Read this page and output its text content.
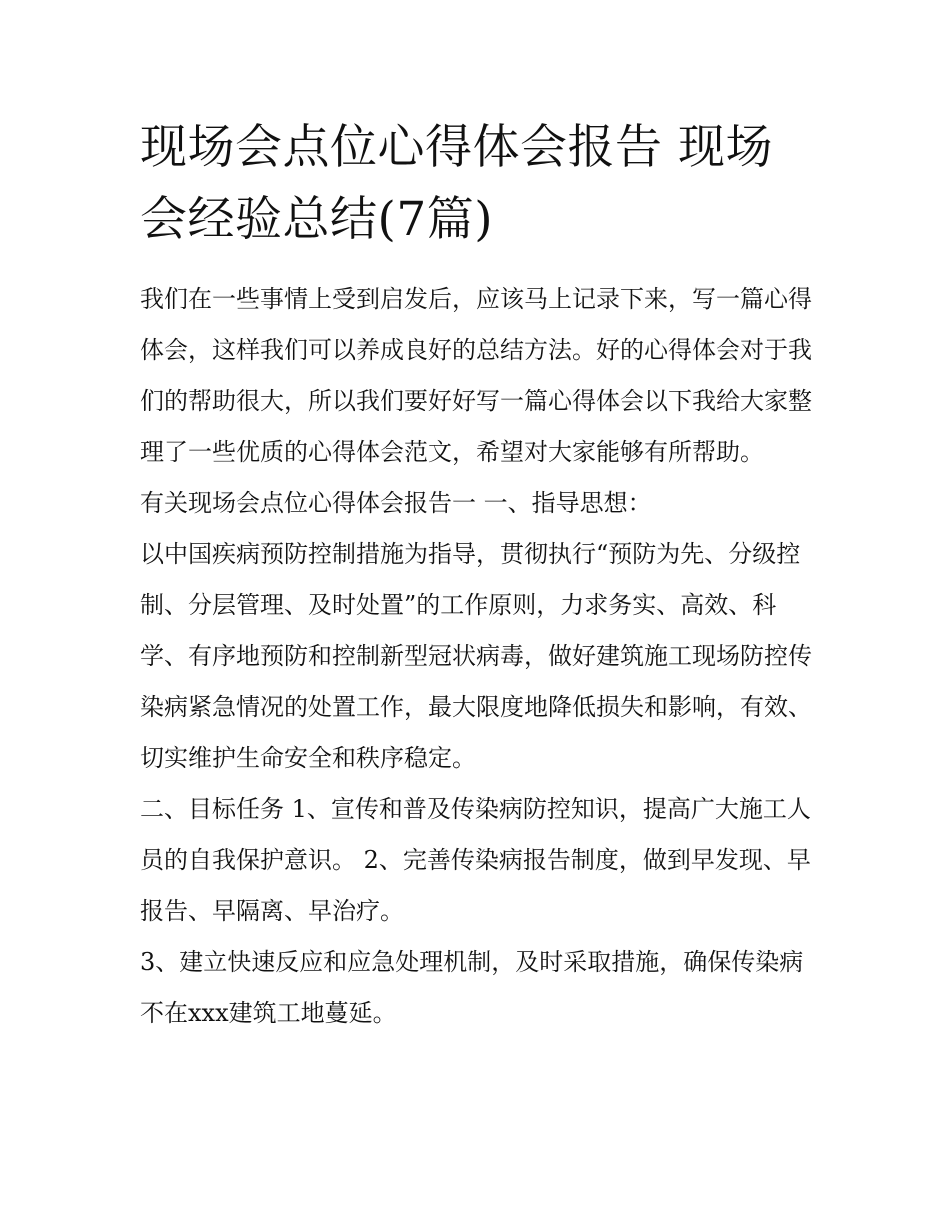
现场会点位心得体会报告 现场会经验总结(7篇)

我们在一些事情上受到启发后，应该马上记录下来，写一篇心得体会，这样我们可以养成良好的总结方法。好的心得体会对于我们的帮助很大，所以我们要好好写一篇心得体会以下我给大家整理了一些优质的心得体会范文，希望对大家能够有所帮助。

有关现场会点位心得体会报告一 一、指导思想：

以中国疾病预防控制措施为指导，贯彻执行“预防为先、分级控制、分层管理、及时处置”的工作原则，力求务实、高效、科学、有序地预防和控制新型冠状病毒，做好建筑施工现场防控传染病紧急情况的处置工作，最大限度地降低损失和影响，有效、切实维护生命安全和秩序稳定。

二、目标任务 1、宣传和普及传染病防控知识，提高广大施工人员的自我保护意识。 2、完善传染病报告制度，做到早发现、早报告、早隔离、早治疗。

3、建立快速反应和应急处理机制，及时采取措施，确保传染病不在xxx建筑工地蔓延。
